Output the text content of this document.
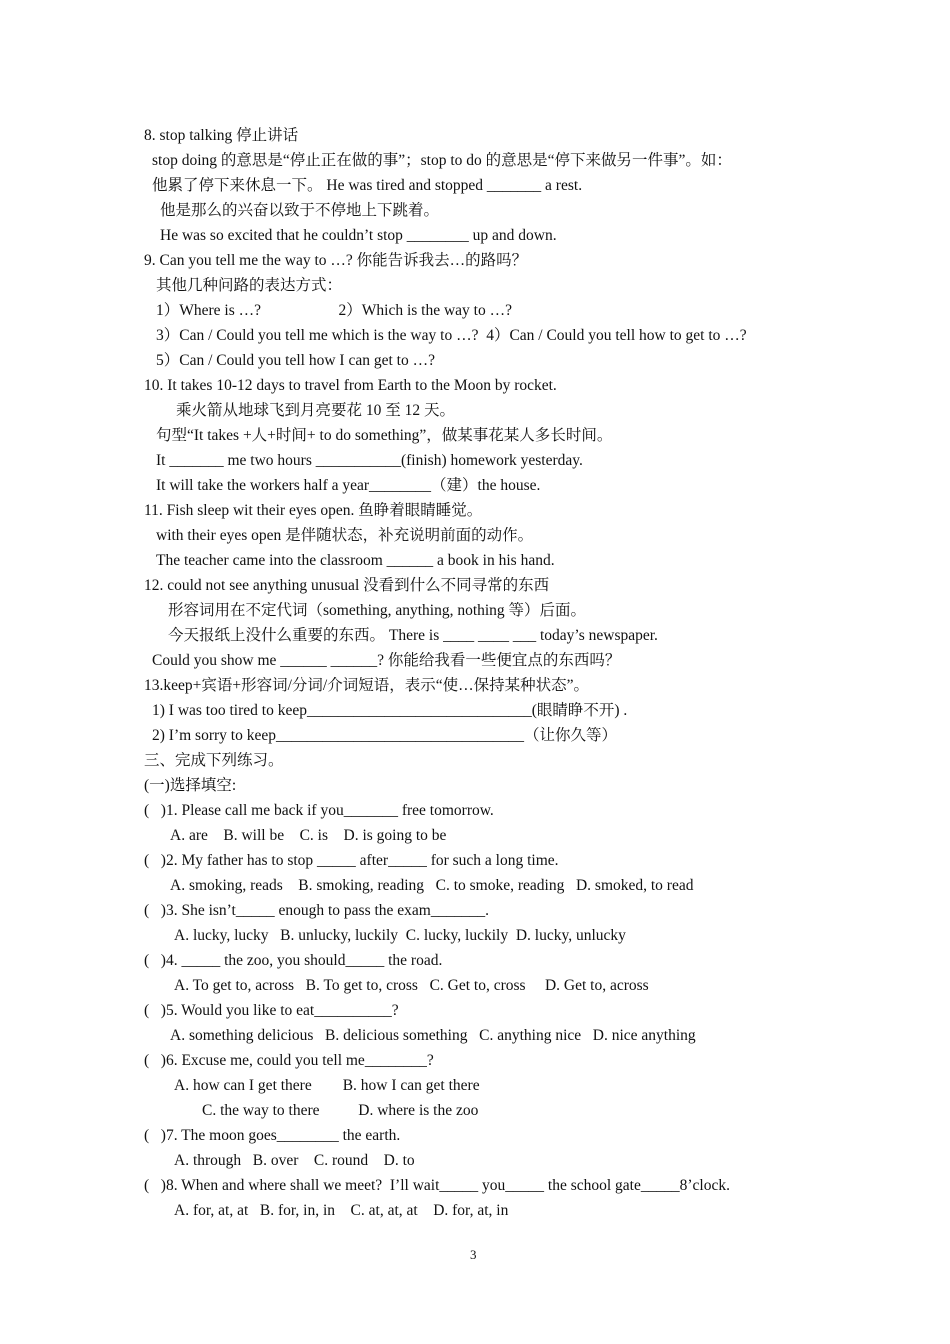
8. stop talking 停止讲话
stop doing 的意思是“停止正在做的事”；stop to do 的意思是“停下来做另一件事”。如：
他累了停下来休息一下。 He was tired and stopped _______ a rest.
他是那么的兴奋以致于不停地上下跳着。
He was so excited that he couldn’t stop ________ up and down.
9. Can you tell me the way to …? 你能告诉我去…的路吗？
其他几种问路的表达方式：
1）Where is …?                    2）Which is the way to …?
3）Can / Could you tell me which is the way to …?  4）Can / Could you tell how to get to …?
5）Can / Could you tell how I can get to …?
10. It takes 10-12 days to travel from Earth to the Moon by rocket.
乘火箭从地球飞到月亮要花 10 至 12 天。
句型“It takes +人+时间+ to do something”，做某事花某人多长时间。
It _______ me two hours ___________(finish) homework yesterday.
It will take the workers half a year________（建）the house.
11. Fish sleep wit their eyes open. 鱼睁着眼睛睡觉。
with their eyes open 是伴随状态，补充说明前面的动作。
The teacher came into the classroom ______ a book in his hand.
12. could not see anything unusual 没看到什么不同寻常的东西
形容词用在不定代词（something, anything, nothing 等）后面。
今天报纸上没什么重要的东西。 There is ____ ____ ___ today’s newspaper.
Could you show me ______ ______? 你能给我看一些便宜点的东西吗？
13.keep+宾语+形容词/分词/介词短语，表示“使…保持某种状态”。
1) I was too tired to keep_____________________________(眼睛睁不开) .
2) I’m sorry to keep________________________________（让你久等）
三、完成下列练习。
(一)选择填空:
(   )1. Please call me back if you_______ free tomorrow.
A. are    B. will be    C. is    D. is going to be
(   )2. My father has to stop _____ after_____ for such a long time.
A. smoking, reads    B. smoking, reading   C. to smoke, reading   D. smoked, to read
(   )3. She isn’t_____ enough to pass the exam_______.
A. lucky, lucky   B. unlucky, luckily  C. lucky, luckily  D. lucky, unlucky
(   )4. _____ the zoo, you should_____ the road.
A. To get to, across   B. To get to, cross   C. Get to, cross     D. Get to, across
(   )5. Would you like to eat__________?
A. something delicious   B. delicious something   C. anything nice   D. nice anything
(   )6. Excuse me, could you tell me________?
A. how can I get there        B. how I can get there
C. the way to there          D. where is the zoo
(   )7. The moon goes________ the earth.
A. through   B. over    C. round    D. to
(   )8. When and where shall we meet?  I’ll wait_____ you_____ the school gate_____8’clock.
A. for, at, at   B. for, in, in    C. at, at, at    D. for, at, in
3
